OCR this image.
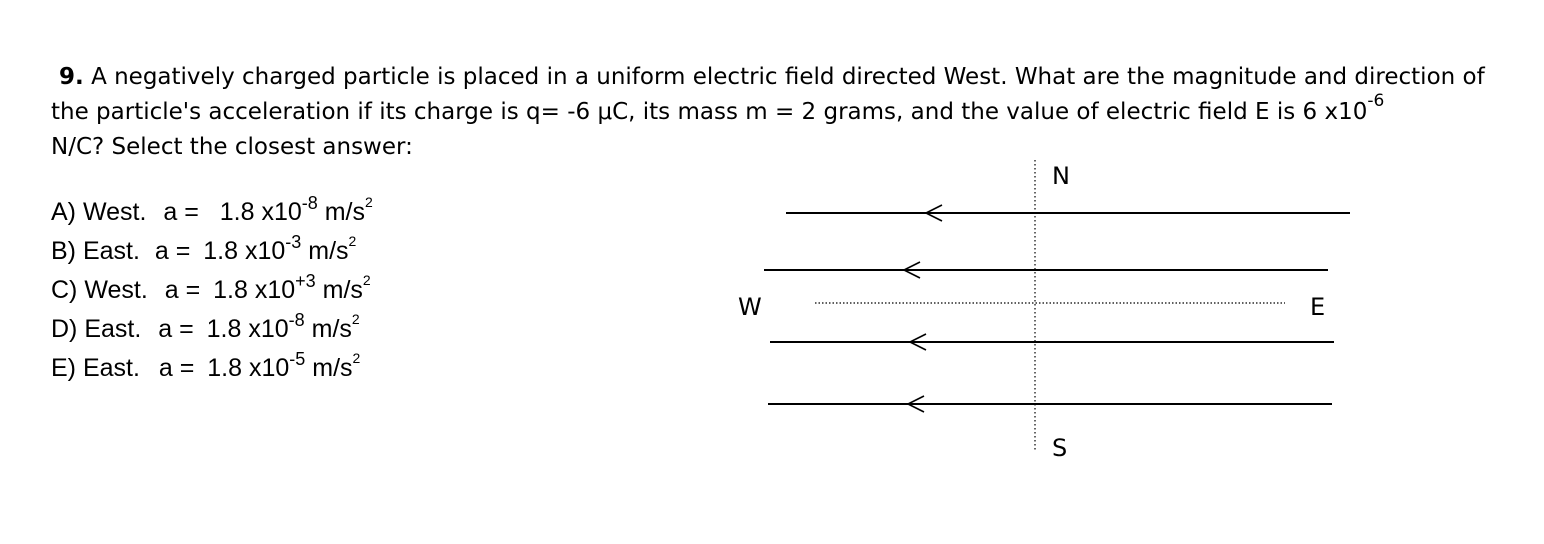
9. A negatively charged particle is placed in a uniform electric field directed West. What are the magnitude and direction of the particle's acceleration if its charge is q= -6 μC, its mass m = 2 grams, and the value of electric field E is 6 $x10^{-6}$
N/C? Select the closest answer:
A) West. a = 1.8 $x10^{-8}$ $m/s^2$
B) East. a = 1.8 $x10^{-3}$ $m/s^2$
C) West. a = 1.8 $x10^{+3}$ $m/s^2$
D) East. a = 1.8 $x10^{-8}$ $m/s^2$
E) East. a = 1.8 $x10^{-5}$ $m/s^2$
N
S
W	E
